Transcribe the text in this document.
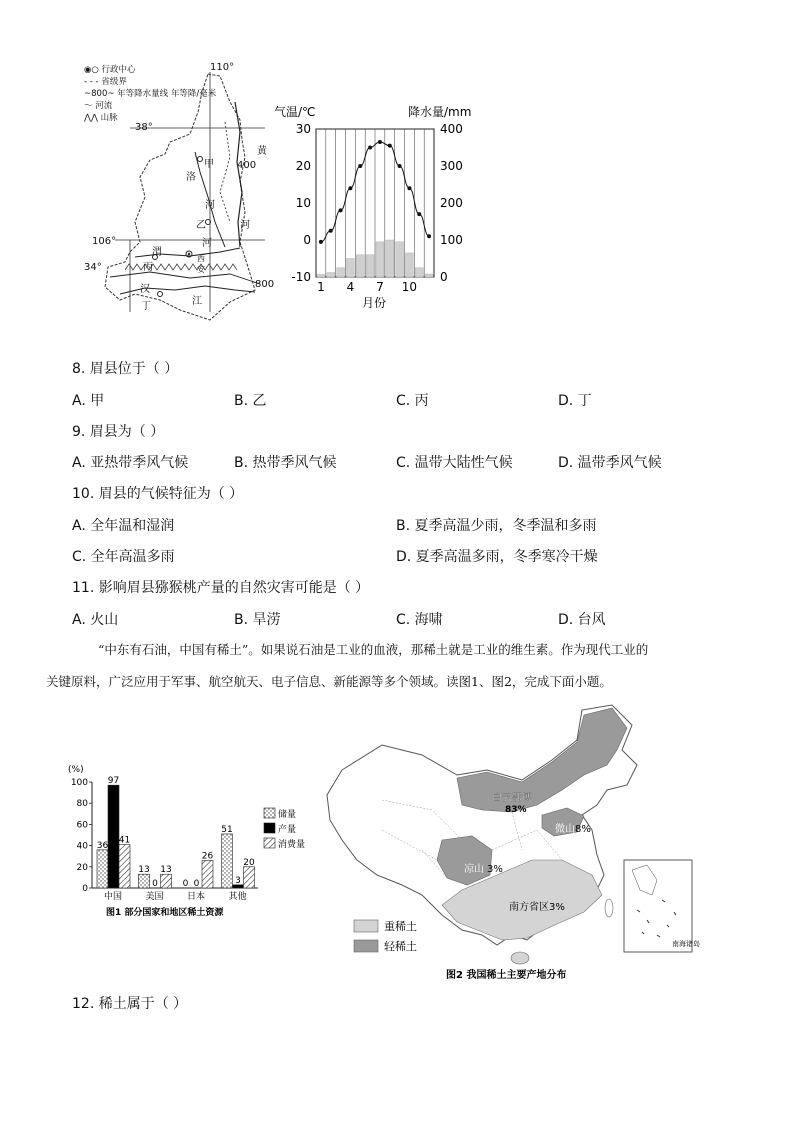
◉○ 行政中心
- - - 省级界
~800~ 年等降水量线 年等降/毫米
〜 河流
⋀⋀ 山脉
110°
38°
106°
34°
甲
乙
丙
丁
洛
河
黄
河
渭
河
汉
江
西安
400
800
气温/℃	降水量/mm
30
20
10
0
-10
400
300
200
100
0
1 4 7 10
月份
8. 眉县位于（ ）
A. 甲	B. 乙	C. 丙	D. 丁
9. 眉县为（ ）
A. 亚热带季风气候	B. 热带季风气候	C. 温带大陆性气候	D. 温带季风气候
10. 眉县的气候特征为（ ）
A. 全年温和湿润	B. 夏季高温少雨，冬季温和多雨
C. 全年高温多雨	D. 夏季高温多雨，冬季寒冷干燥
11. 影响眉县猕猴桃产量的自然灾害可能是（ ）
A. 火山	B. 旱涝	C. 海啸	D. 台风
“中东有石油，中国有稀土”。如果说石油是工业的血液，那稀土就是工业的维生素。作为现代工业的
关键原料，广泛应用于军事、航空航天、电子信息、新能源等多个领域。读图1、图2，完成下面小题。
(%)
100
80
60
40
20
0
36
97
41
中国
13
0
13
美国
0 0
26
日本
51
3
20
其他
储量
产量
消费量
图1 部分国家和地区稀土资源
白云鄂博
83%
微山8%
凉山 3%
南方省区3%
南海诸岛
重稀土
轻稀土
图2 我国稀土主要产地分布
12. 稀土属于（ ）
